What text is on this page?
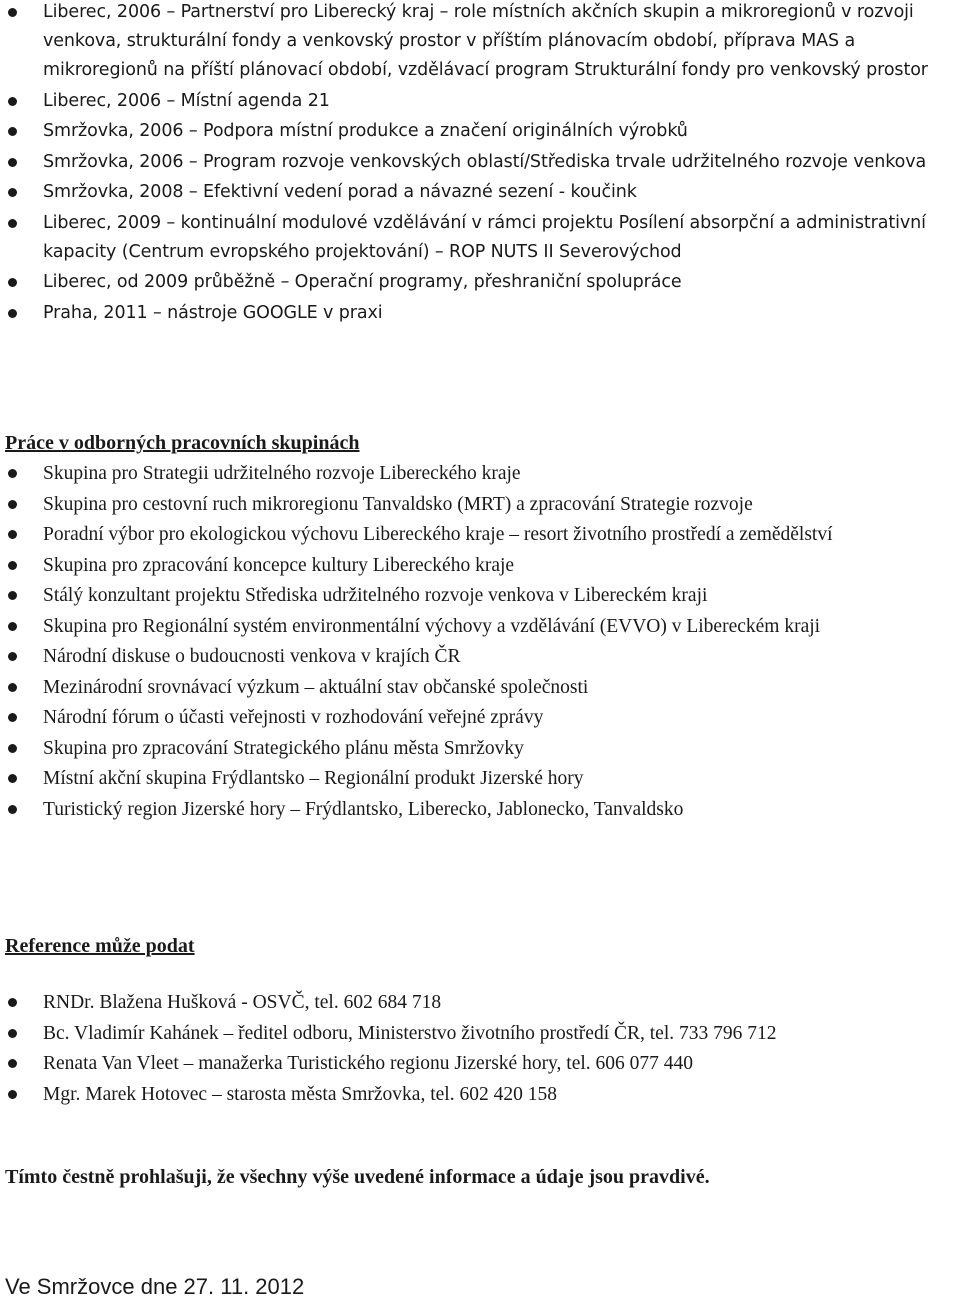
Liberec, 2006 – Partnerství pro Liberecký kraj – role místních akčních skupin a mikroregionů v rozvoji venkova, strukturální fondy a venkovský prostor v příštím plánovacím období, příprava MAS a mikroregionů na příští plánovací období, vzdělávací program Strukturální fondy pro venkovský prostor
Liberec, 2006 – Místní agenda 21
Smržovka, 2006 – Podpora místní produkce a značení originálních výrobků
Smržovka, 2006 – Program rozvoje venkovských oblastí/Střediska trvale udržitelného rozvoje venkova
Smržovka, 2008 – Efektivní vedení porad a návazné sezení - koučink
Liberec, 2009 – kontinuální modulové vzdělávání v rámci projektu Posílení absorpční a administrativní kapacity (Centrum evropského projektování) – ROP NUTS II Severovýchod
Liberec, od 2009 průběžně – Operační programy, přeshraniční spolupráce
Praha, 2011 – nástroje GOOGLE v praxi
Práce v odborných pracovních skupinách
Skupina pro Strategii udržitelného rozvoje Libereckého kraje
Skupina pro cestovní ruch mikroregionu Tanvaldsko (MRT) a zpracování Strategie rozvoje
Poradní výbor pro ekologickou výchovu Libereckého kraje – resort životního prostředí a zemědělství
Skupina pro zpracování koncepce kultury Libereckého kraje
Stálý konzultant projektu Střediska udržitelného rozvoje venkova v Libereckém kraji
Skupina pro Regionální systém environmentální výchovy a vzdělávání (EVVO) v Libereckém kraji
Národní diskuse o budoucnosti venkova v krajích ČR
Mezinárodní srovnávací výzkum – aktuální stav občanské společnosti
Národní fórum o účasti veřejnosti v rozhodování veřejné zprávy
Skupina pro zpracování Strategického plánu města Smržovky
Místní akční skupina Frýdlantsko – Regionální produkt Jizerské hory
Turistický region Jizerské hory – Frýdlantsko, Liberecko, Jablonecko, Tanvaldsko
Reference může podat
RNDr. Blažena Hušková - OSVČ, tel. 602 684 718
Bc. Vladimír Kahánek – ředitel odboru, Ministerstvo životního prostředí ČR, tel. 733 796 712
Renata Van Vleet – manažerka Turistického regionu Jizerské hory, tel. 606 077 440
Mgr. Marek Hotovec – starosta města Smržovka, tel. 602 420 158

Tímto čestně prohlašuji, že všechny výše uvedené informace a údaje jsou pravdivé.

Ve Smržovce dne 27. 11. 2012
